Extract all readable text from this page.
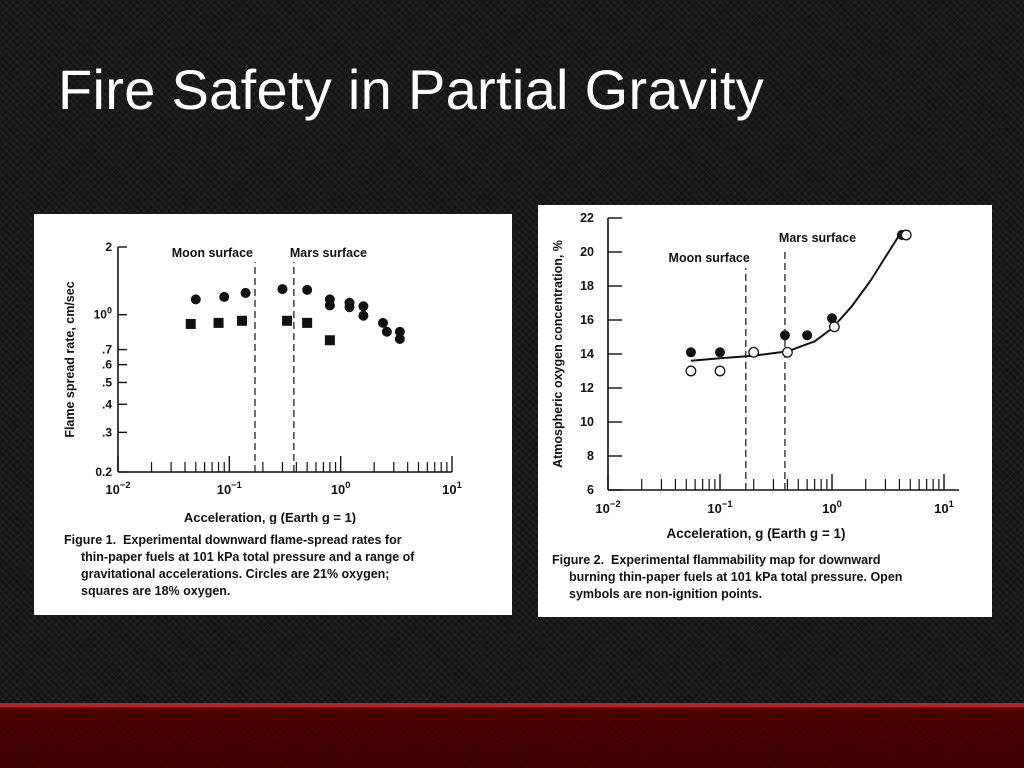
Fire Safety in Partial Gravity
0.2
.3
.4
.5
.6
.7
$10^0$
2
$10^{-2}$	$10^{-1}$	$10^0$	$10^1$
Moon surface	Mars surface
Acceleration, g (Earth g = 1)
Flame spread rate, cm/sec

Figure 1. Experimental downward flame-spread rates for
thin-paper fuels at 101 kPa total pressure and a range of
gravitational accelerations. Circles are 21% oxygen;
squares are 18% oxygen.

6
8
10
12
14
16
18
20
22
$10^{-2}$	$10^{-1}$	$10^0$	$10^1$
Moon surface
Mars surface
Acceleration, g (Earth g = 1)
Atmospheric oxygen concentration, %

Figure 2. Experimental flammability map for downward
burning thin-paper fuels at 101 kPa total pressure. Open
symbols are non-ignition points.
